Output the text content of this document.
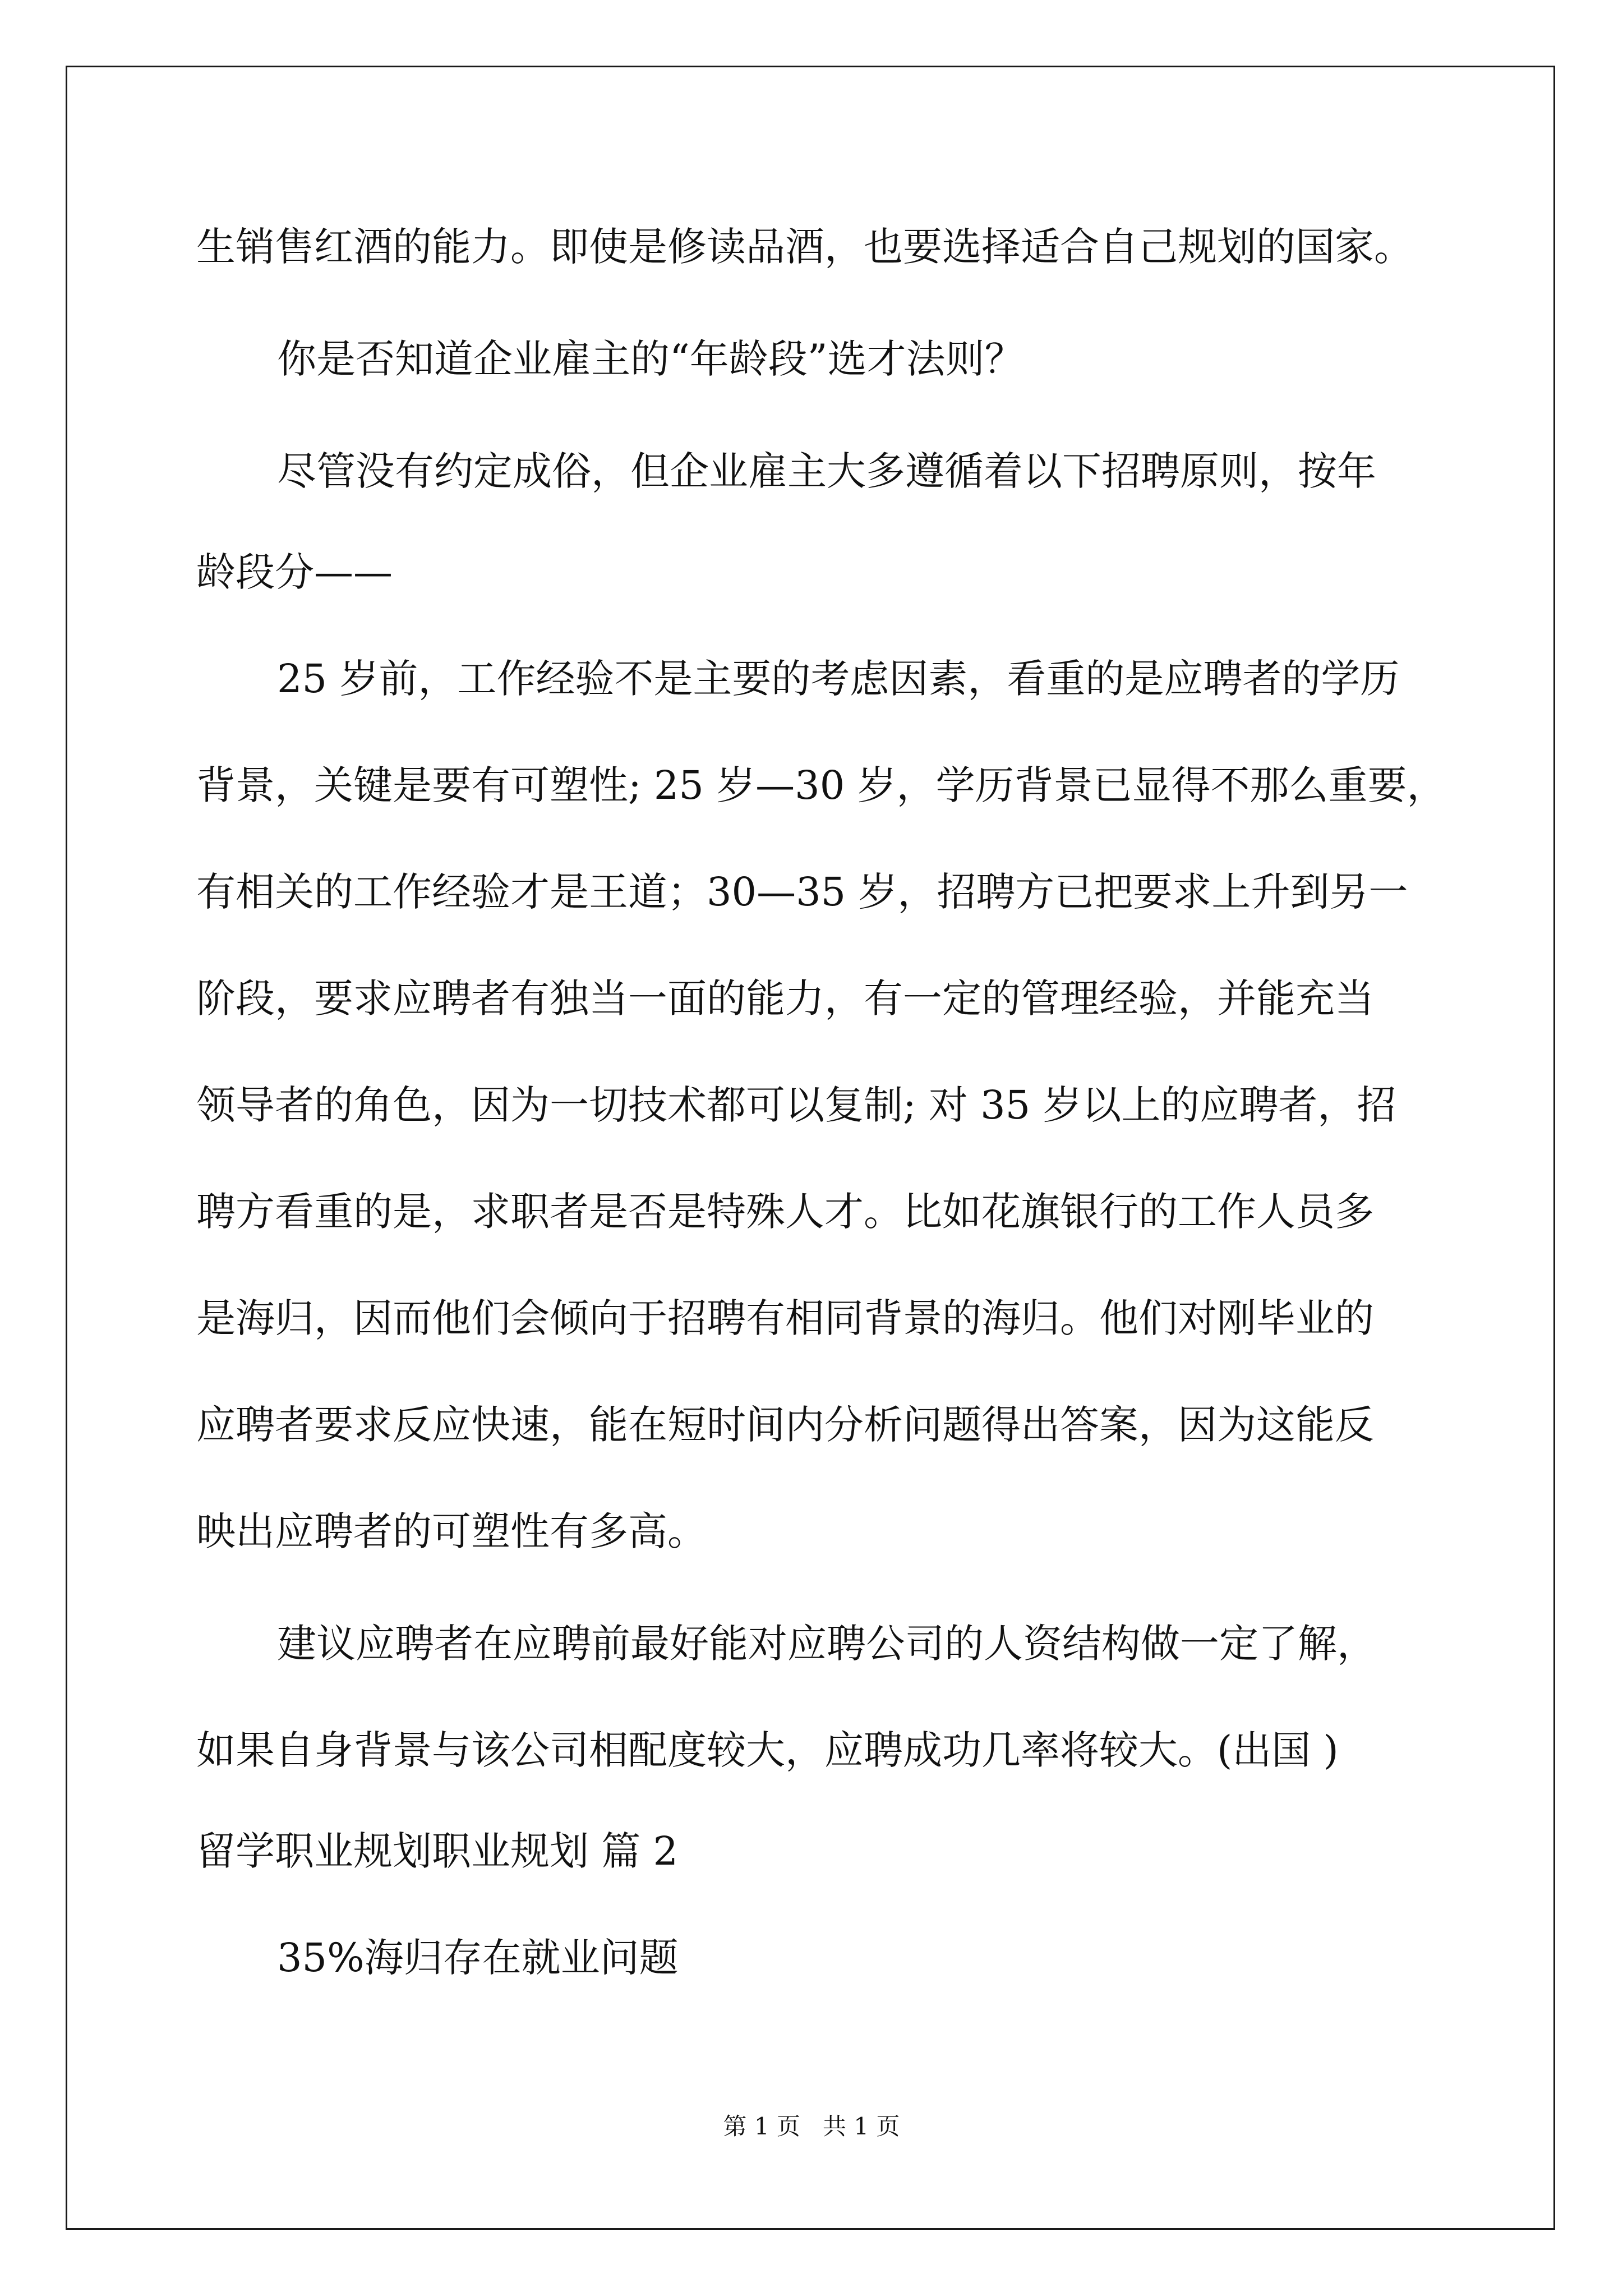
生销售红酒的能力。即使是修读品酒，也要选择适合自己规划的国家。
你是否知道企业雇主的“年龄段”选才法则？
尽管没有约定成俗，但企业雇主大多遵循着以下招聘原则，按年
龄段分——
25 岁前，工作经验不是主要的考虑因素，看重的是应聘者的学历
背景，关键是要有可塑性; 25 岁—30 岁，学历背景已显得不那么重要，
有相关的工作经验才是王道；30—35 岁，招聘方已把要求上升到另一
阶段，要求应聘者有独当一面的能力，有一定的管理经验，并能充当
领导者的角色，因为一切技术都可以复制; 对 35 岁以上的应聘者，招
聘方看重的是，求职者是否是特殊人才。比如花旗银行的工作人员多
是海归，因而他们会倾向于招聘有相同背景的海归。他们对刚毕业的
应聘者要求反应快速，能在短时间内分析问题得出答案，因为这能反
映出应聘者的可塑性有多高。
建议应聘者在应聘前最好能对应聘公司的人资结构做一定了解，
如果自身背景与该公司相配度较大，应聘成功几率将较大。(出国 )
留学职业规划职业规划 篇 2
35%海归存在就业问题
第 1 页   共 1 页
